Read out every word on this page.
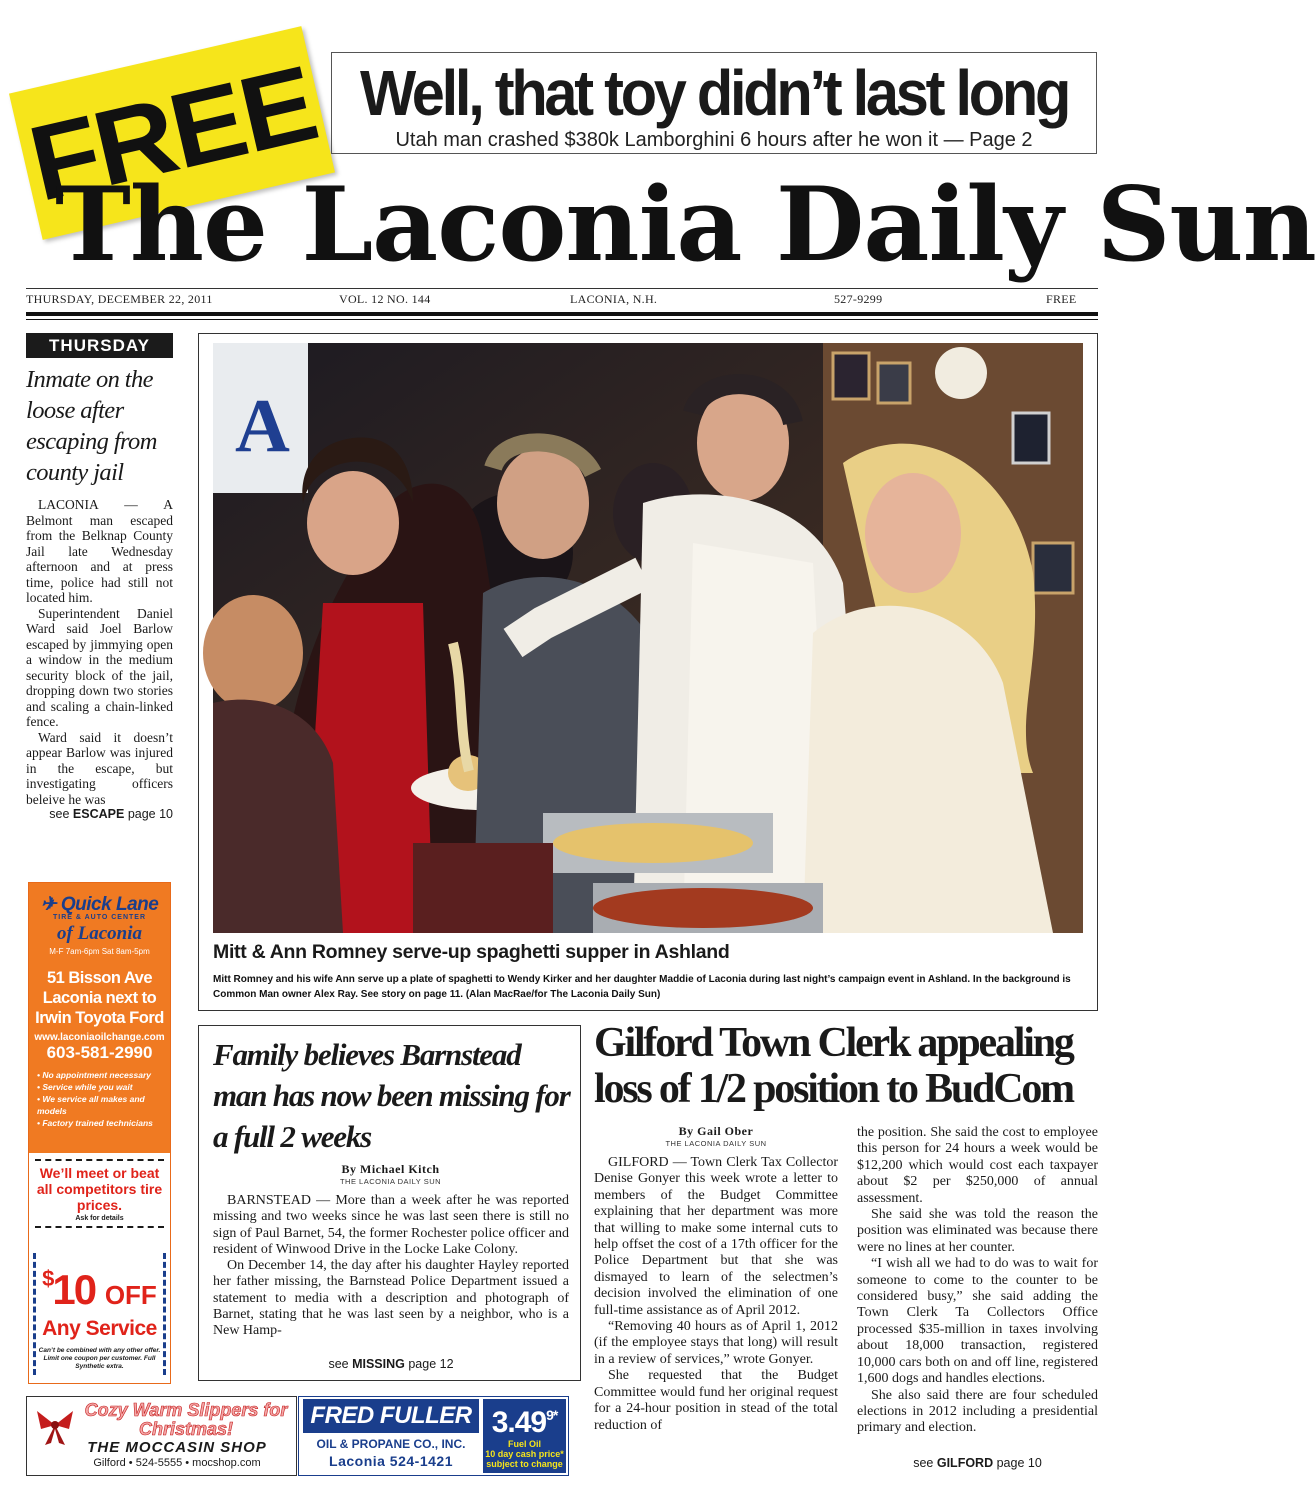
FREE Well, that toy didn’t last long
Utah man crashed $380k Lamborghini 6 hours after he won it — Page 2
The Laconia Daily Sun
THURSDAY, DECEMBER 22, 2011	VOL. 12 NO. 144	LACONIA, N.H.	527-9299	FREE
THURSDAY
Inmate on the loose after escaping from county jail

LACONIA — A Belmont man escaped from the Belknap County Jail late Wednesday afternoon and at press time, police had still not located him.

Superintendent Daniel Ward said Joel Barlow escaped by jimmying open a window in the medium security block of the jail, dropping down two stories and scaling a chain-linked fence.

Ward said it doesn’t appear Barlow was injured in the escape, but investigating officers beleive he was

see ESCAPE page 10
✈ Quick Lane
TIRE & AUTO CENTER
of Laconia
M-F 7am-6pm Sat 8am-5pm
51 Bisson Ave Laconia next to Irwin Toyota Ford
www.laconiaoilchange.com
603-581-2990
• No appointment necessary
• Service while you wait
• We service all makes and models
• Factory trained technicians
We’ll meet or beat all competitors tire prices.
Ask for details
$10 OFF
Any Service
Can’t be combined with any other offer. Limit one coupon per customer. Full Synthetic extra.
Cozy Warm Slippers for Christmas!
THE MOCCASIN SHOP
Gilford • 524-5555 • mocshop.com
FRED FULLER
OIL & PROPANE CO., INC.
Laconia 524-1421
$3.49^{9*}$
Fuel Oil
10 day cash price*
subject to change
A
Mitt & Ann Romney serve-up spaghetti supper in Ashland
Mitt Romney and his wife Ann serve up a plate of spaghetti to Wendy Kirker and her daughter Maddie of Laconia during last night’s campaign event in Ashland. In the background is Common Man owner Alex Ray. See story on page 11. (Alan MacRae/for The Laconia Daily Sun)
Family believes Barnstead man has now been missing for a full 2 weeks
By Michael Kitch
THE LACONIA DAILY SUN

BARNSTEAD — More than a week after he was reported missing and two weeks since he was last seen there is still no sign of Paul Barnet, 54, the former Rochester police officer and resident of Winwood Drive in the Locke Lake Colony.

On December 14, the day after his daughter Hayley reported her father missing, the Barnstead Police Department issued a statement to media with a description and photograph of Barnet, stating that he was last seen by a neighbor, who is a New Hamp-

see MISSING page 12
Gilford Town Clerk appealing loss of 1/2 position to BudCom
By Gail Ober
THE LACONIA DAILY SUN

GILFORD — Town Clerk Tax Collector Denise Gonyer this week wrote a letter to members of the Budget Committee explaining that her department was more that willing to make some internal cuts to help offset the cost of a 17th officer for the Police Department but that she was dismayed to learn of the selectmen’s decision involved the elimination of one full-time assistance as of April 2012.

“Removing 40 hours as of April 1, 2012 (if the employee stays that long) will result in a review of services,” wrote Gonyer.

She requested that the Budget Committee would fund her original request for a 24-hour position in stead of the total reduction of

the position. She said the cost to employee this person for 24 hours a week would be $12,200 which would cost each taxpayer about $2 per $250,000 of annual assessment.

She said she was told the reason the position was eliminated was because there were no lines at her counter.

“I wish all we had to do was to wait for someone to come to the counter to be considered busy,” she said adding the Town Clerk Ta Collectors Office processed $35-million in taxes involving about 18,000 transaction, registered 10,000 cars both on and off line, registered 1,600 dogs and handles elections.

She also said there are four scheduled elections in 2012 including a presidential primary and election.

see GILFORD page 10
